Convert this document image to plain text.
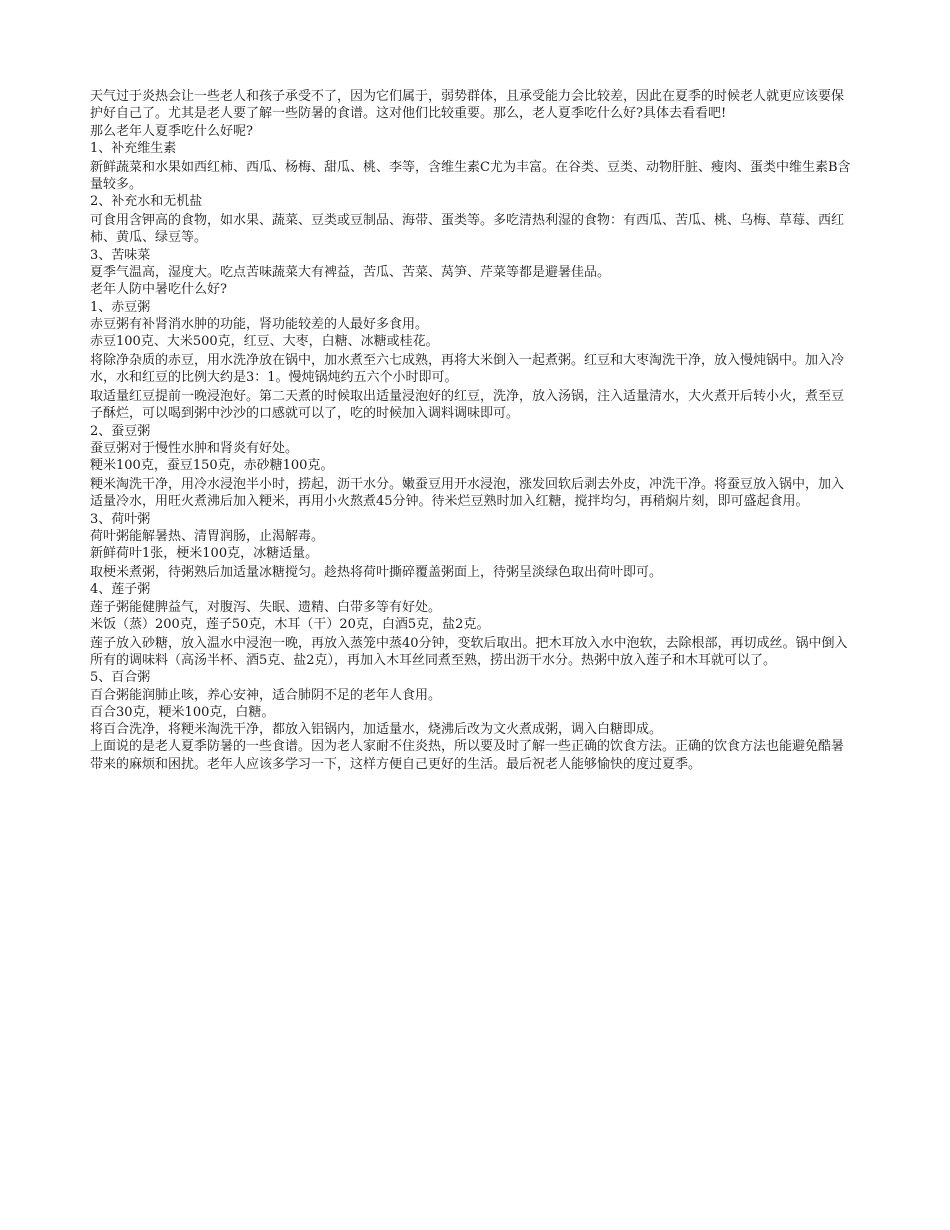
天气过于炎热会让一些老人和孩子承受不了，因为它们属于，弱势群体，且承受能力会比较差，因此在夏季的时候老人就更应该要保护好自己了。尤其是老人要了解一些防暑的食谱。这对他们比较重要。那么，老人夏季吃什么好?具体去看看吧!

那么老年人夏季吃什么好呢?

1、补充维生素

新鲜蔬菜和水果如西红柿、西瓜、杨梅、甜瓜、桃、李等，含维生素C尤为丰富。在谷类、豆类、动物肝脏、瘦肉、蛋类中维生素B含量较多。

2、补充水和无机盐

可食用含钾高的食物，如水果、蔬菜、豆类或豆制品、海带、蛋类等。多吃清热利湿的食物：有西瓜、苦瓜、桃、乌梅、草莓、西红柿、黄瓜、绿豆等。

3、苦味菜

夏季气温高，湿度大。吃点苦味蔬菜大有裨益，苦瓜、苦菜、莴笋、芹菜等都是避暑佳品。

老年人防中暑吃什么好?

1、赤豆粥

赤豆粥有补肾消水肿的功能，肾功能较差的人最好多食用。

赤豆100克、大米500克，红豆、大枣，白糖、冰糖或桂花。

将除净杂质的赤豆，用水洗净放在锅中，加水煮至六七成熟，再将大米倒入一起煮粥。红豆和大枣淘洗干净，放入慢炖锅中。加入冷水，水和红豆的比例大约是3：1。慢炖锅炖约五六个小时即可。

取适量红豆提前一晚浸泡好。第二天煮的时候取出适量浸泡好的红豆，洗净，放入汤锅，注入适量清水，大火煮开后转小火，煮至豆子酥烂，可以喝到粥中沙沙的口感就可以了，吃的时候加入调料调味即可。

2、蚕豆粥

蚕豆粥对于慢性水肿和肾炎有好处。

粳米100克，蚕豆150克，赤砂糖100克。

粳米淘洗干净，用冷水浸泡半小时，捞起，沥干水分。嫩蚕豆用开水浸泡，涨发回软后剥去外皮，冲洗干净。将蚕豆放入锅中，加入适量冷水，用旺火煮沸后加入粳米，再用小火熬煮45分钟。待米烂豆熟时加入红糖，搅拌均匀，再稍焖片刻，即可盛起食用。

3、荷叶粥

荷叶粥能解暑热、清胃润肠，止渴解毒。

新鲜荷叶1张，梗米100克，冰糖适量。

取梗米煮粥，待粥熟后加适量冰糖搅匀。趁热将荷叶撕碎覆盖粥面上，待粥呈淡绿色取出荷叶即可。

4、莲子粥

莲子粥能健脾益气，对腹泻、失眠、遗精、白带多等有好处。

米饭（蒸）200克，莲子50克，木耳（干）20克，白酒5克，盐2克。

莲子放入砂糖，放入温水中浸泡一晚，再放入蒸笼中蒸40分钟，变软后取出。把木耳放入水中泡软，去除根部，再切成丝。锅中倒入所有的调味料（高汤半杯、酒5克、盐2克），再加入木耳丝同煮至熟，捞出沥干水分。热粥中放入莲子和木耳就可以了。

5、百合粥

百合粥能润肺止咳，养心安神，适合肺阴不足的老年人食用。

百合30克，粳米100克，白糖。

将百合洗净，将粳米淘洗干净，都放入铝锅内，加适量水，烧沸后改为文火煮成粥，调入白糖即成。

上面说的是老人夏季防暑的一些食谱。因为老人家耐不住炎热，所以要及时了解一些正确的饮食方法。正确的饮食方法也能避免酷暑带来的麻烦和困扰。老年人应该多学习一下，这样方便自己更好的生活。最后祝老人能够愉快的度过夏季。
